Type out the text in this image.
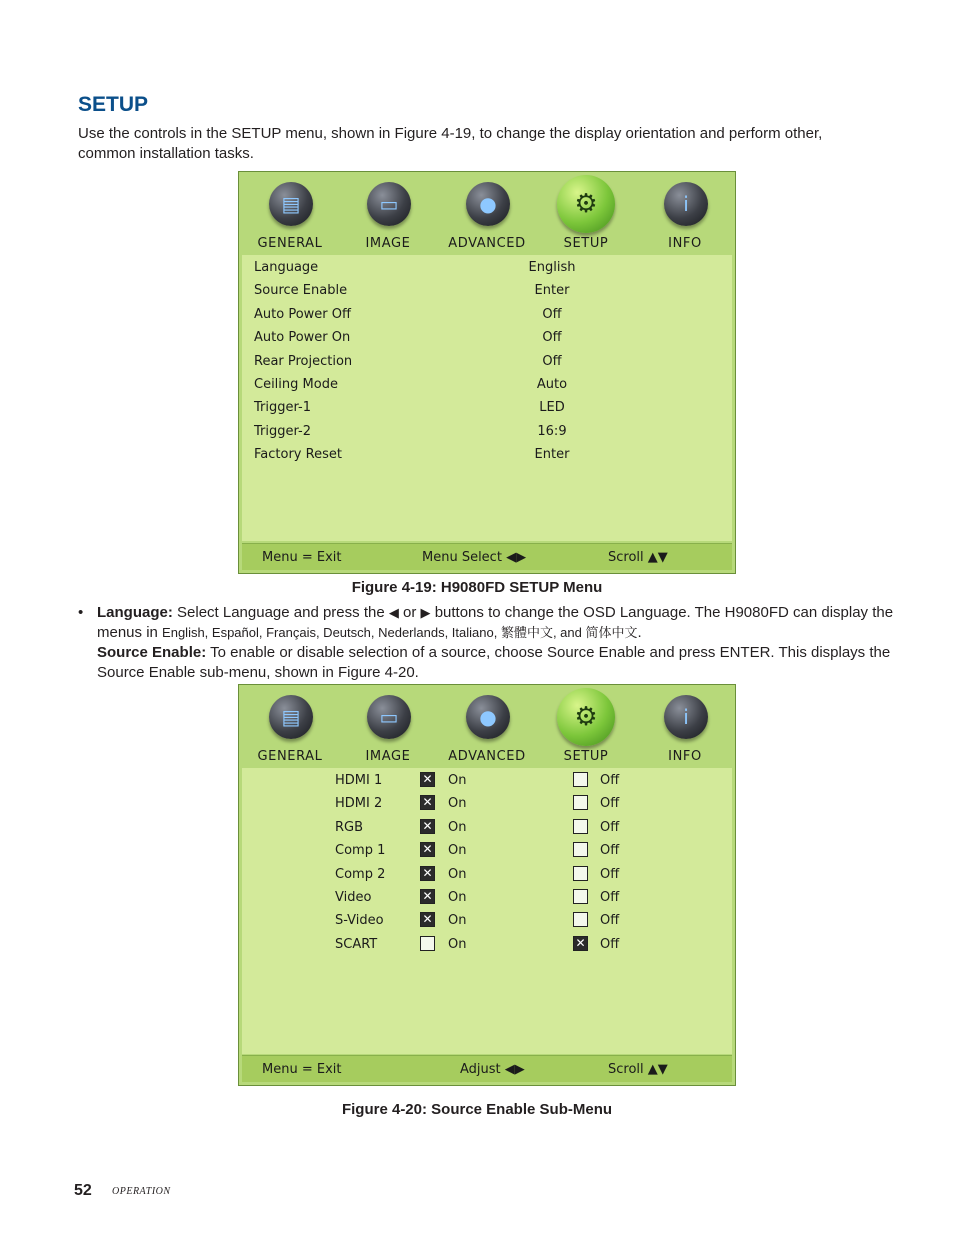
SETUP
Use the controls in the SETUP menu, shown in Figure 4-19, to change the display orientation and perform other, common installation tasks.
▤
GENERAL
▭
IMAGE
●
ADVANCED
⚙
SETUP
i
INFO
Language	English
Source Enable	Enter
Auto Power Off	Off
Auto Power On	Off
Rear Projection	Off
Ceiling Mode	Auto
Trigger-1	LED
Trigger-2	16:9
Factory Reset	Enter
Menu = Exit	Menu Select ◀▶	Scroll ▲▼
Figure 4-19: H9080FD SETUP Menu
• Language: Select Language and press the ◀ or ▶ buttons to change the OSD Language. The H9080FD can display the menus in English, Español, Français, Deutsch, Nederlands, Italiano, 繁體中文, and 简体中文.
Source Enable: To enable or disable selection of a source, choose Source Enable and press ENTER. This displays the Source Enable sub-menu, shown in Figure 4-20.
▤
GENERAL
▭
IMAGE
●
ADVANCED
⚙
SETUP
i
INFO
HDMI 1	✕ On	Off
HDMI 2	✕ On	Off
RGB	✕ On	Off
Comp 1	✕ On	Off
Comp 2	✕ On	Off
Video	✕ On	Off
S-Video	✕ On	Off
SCART	On	✕ Off
Menu = Exit	Adjust ◀▶	Scroll ▲▼
Figure 4-20: Source Enable Sub-Menu
52 OPERATION
